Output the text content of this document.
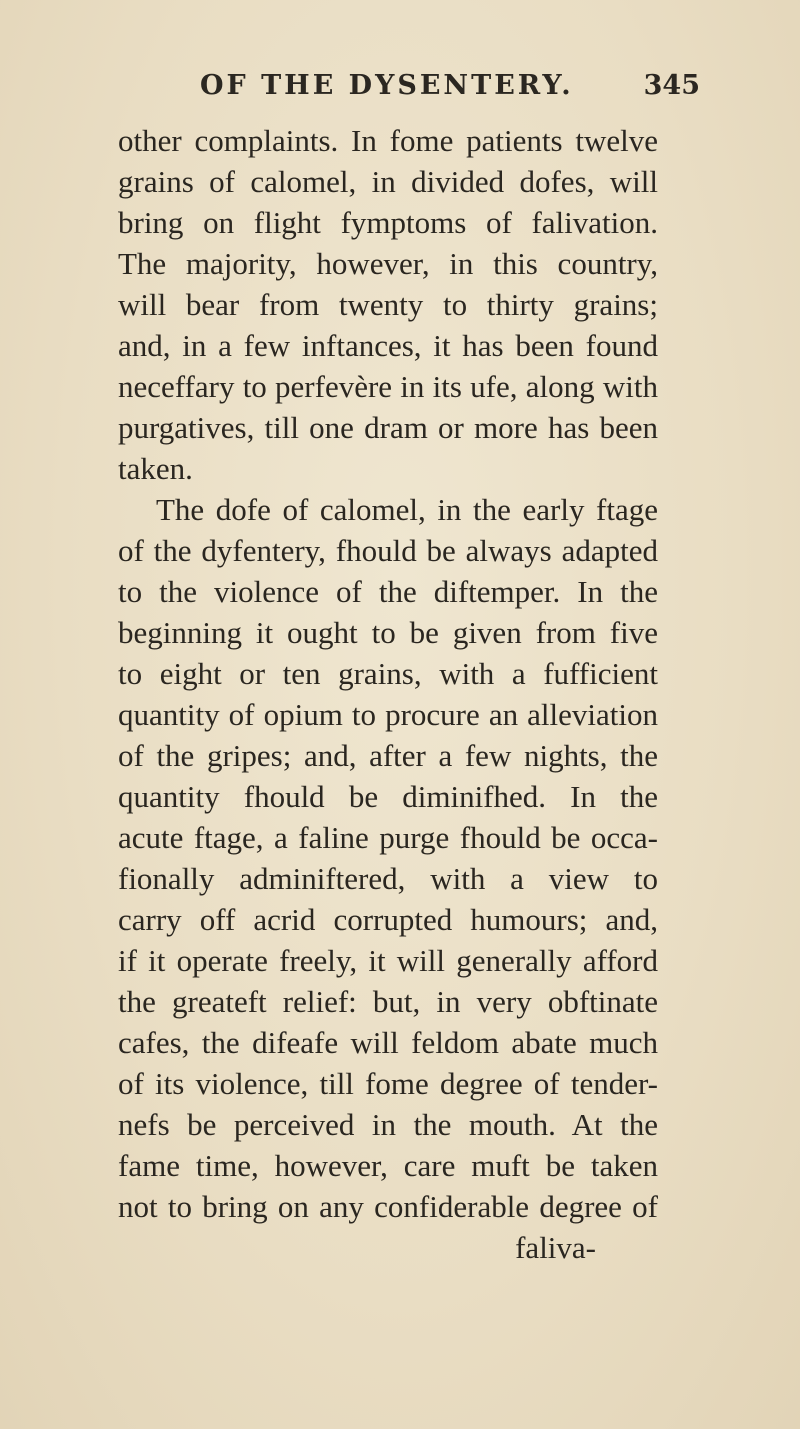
OF THE DYSENTERY.	345
other complaints. In fome patients twelve
grains of calomel, in divided dofes, will
bring on flight fymptoms of falivation.
The majority, however, in this country,
will bear from twenty to thirty grains;
and, in a few inftances, it has been found
neceffary to perfevère in its ufe, along with
purgatives, till one dram or more has been
taken.
The dofe of calomel, in the early ftage
of the dyfentery, fhould be always adapted
to the violence of the diftemper. In the
beginning it ought to be given from five
to eight or ten grains, with a fufficient
quantity of opium to procure an alleviation
of the gripes; and, after a few nights, the
quantity fhould be diminifhed. In the
acute ftage, a faline purge fhould be occa-
fionally adminiftered, with a view to
carry off acrid corrupted humours; and,
if it operate freely, it will generally afford
the greateft relief: but, in very obftinate
cafes, the difeafe will feldom abate much
of its violence, till fome degree of tender-
nefs be perceived in the mouth. At the
fame time, however, care muft be taken
not to bring on any confiderable degree of
faliva-
